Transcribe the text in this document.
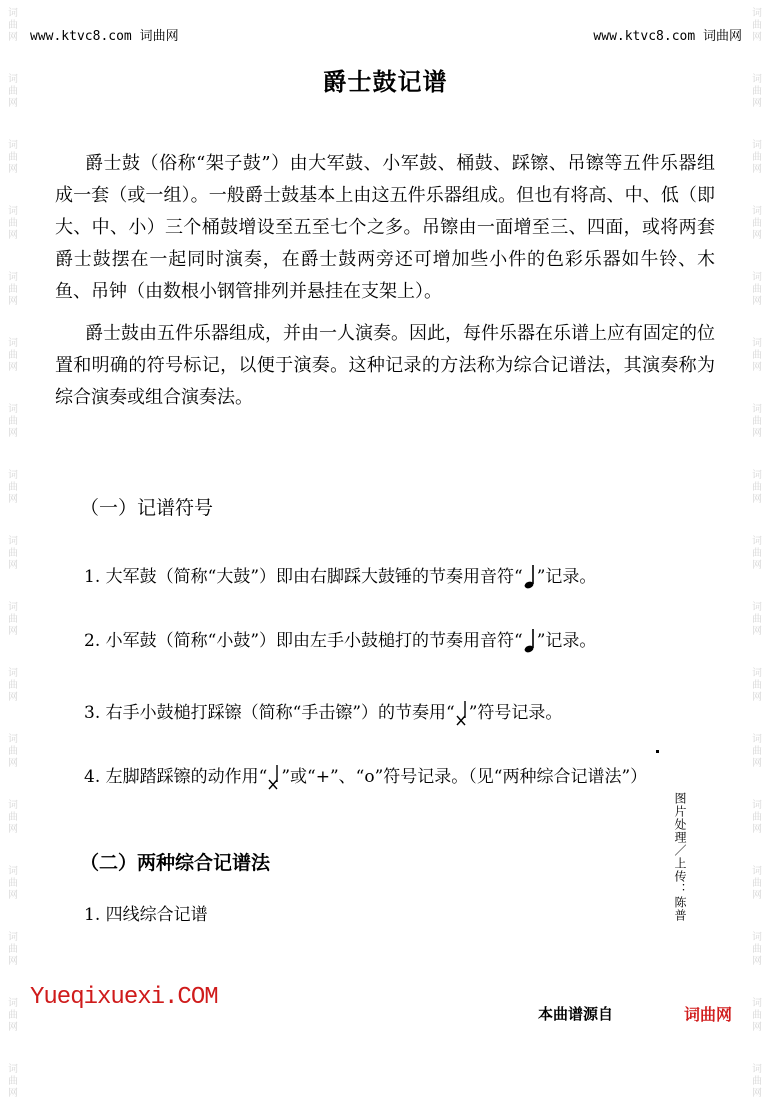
词
曲
网
词
曲
网
词
曲
网
词
曲
网
词
曲
网
词
曲
网
词
曲
网
词
曲
网
词
曲
网
词
曲
网
词
曲
网
词
曲
网
词
曲
网
词
曲
网
词
曲
网
词
曲
网
词
曲
网
词
曲
网
词
曲
网
词
曲
网
词
曲
网
词
曲
网
词
曲
网
词
曲
网
词
曲
网
词
曲
网
词
曲
网
词
曲
网
词
曲
网
词
曲
网
词
曲
网
词
曲
网
词
曲
网
词
曲
网
www.ktvc8.com 词曲网	www.ktvc8.com 词曲网
爵士鼓记谱

爵士鼓（俗称“架子鼓”）由大军鼓、小军鼓、桶鼓、踩镲、吊镲等五件乐器组成一套（或一组）。一般爵士鼓基本上由这五件乐器组成。但也有将高、中、低（即大、中、小）三个桶鼓增设至五至七个之多。吊镲由一面增至三、四面，或将两套爵士鼓摆在一起同时演奏，在爵士鼓两旁还可增加些小件的色彩乐器如牛铃、木鱼、吊钟（由数根小钢管排列并悬挂在支架上）。

爵士鼓由五件乐器组成，并由一人演奏。因此，每件乐器在乐谱上应有固定的位置和明确的符号标记，以便于演奏。这种记录的方法称为综合记谱法，其演奏称为综合演奏或组合演奏法。

（一）记谱符号
1. 大军鼓（简称“大鼓”）即由右脚踩大鼓锤的节奏用音符“ ”记录。
2. 小军鼓（简称“小鼓”）即由左手小鼓槌打的节奏用音符“ ”记录。
3. 右手小鼓槌打踩镲（简称“手击镲”）的节奏用“ ”符号记录。
4. 左脚踏踩镲的动作用“ ”或“+”、“o”符号记录。（见“两种综合记谱法”）
（二）两种综合记谱法
1. 四线综合记谱	图片处理／上传：陈普
Yueqixuexi.COM
本曲谱源自	词曲网
